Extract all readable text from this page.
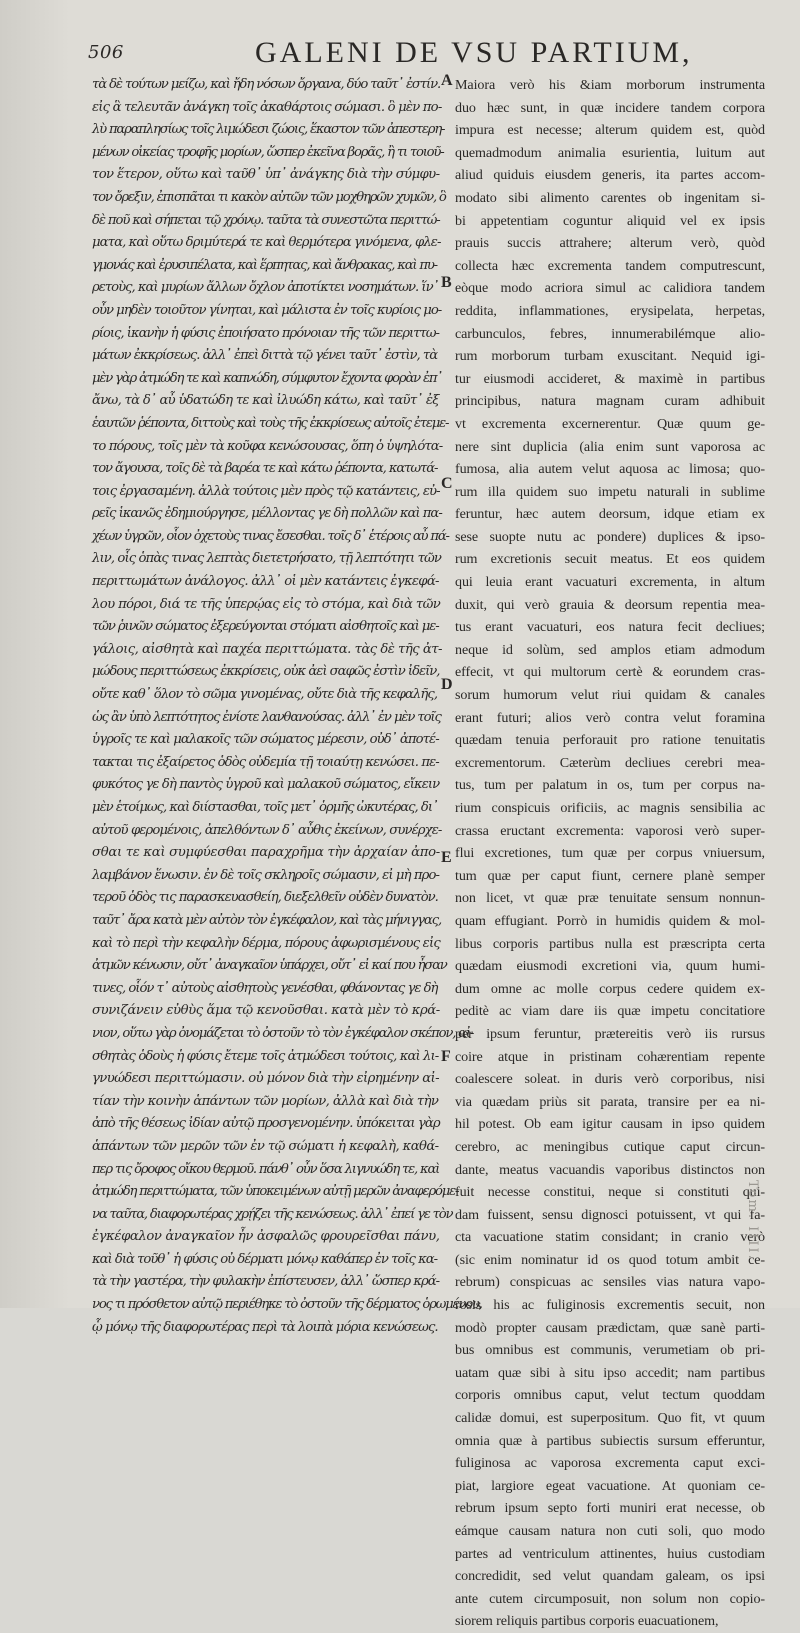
506	GALENI DE VSU PARTIUM,
τὰ δὲ τούτων μείζω, καὶ ἤδη νόσων ὄργανα, δύο ταῦτ᾽ ἐστίν.
εἰς ἃ τελευτᾶν ἀνάγκη τοῖς ἀκαθάρτοις σώμασι. ὃ μὲν πο-
λὺ παραπλησίως τοῖς λιμώδεσι ζώοις, ἕκαστον τῶν ἀπεστερη-
μένων οἰκείας τροφῆς μορίων, ὥσπερ ἐκεῖνα βορᾶς, ἢ τι τοιοῦ-
τον ἕτερον, οὕτω καὶ ταῦθ᾽ ὑπ᾽ ἀνάγκης διὰ τὴν σύμφυ-
τον ὄρεξιν, ἐπισπᾶται τι κακὸν αὐτῶν τῶν μοχθηρῶν χυμῶν, ὃ
δὲ ποῦ καὶ σήπεται τῷ χρόνῳ. ταῦτα τὰ συνεστῶτα περιττώ-
ματα, καὶ οὕτω δριμύτερά τε καὶ θερμότερα γινόμενα, φλε-
γμονάς καὶ ἐρυσιπέλατα, καὶ ἕρπητας, καὶ ἄνθρακας, καὶ πυ-
ρετοὺς, καὶ μυρίων ἄλλων ὄχλον ἀποτίκτει νοσημάτων. ἵν᾽
οὖν μηδὲν τοιοῦτον γίνηται, καὶ μάλιστα ἐν τοῖς κυρίοις μο-
ρίοις, ἱκανὴν ἡ φύσις ἐποιήσατο πρόνοιαν τῆς τῶν περιττω-
μάτων ἐκκρίσεως. ἀλλ᾽ ἐπεὶ διττὰ τῷ γένει ταῦτ᾽ ἐστὶν, τὰ
μὲν γὰρ ἀτμώδη τε καὶ καπνώδη, σύμφυτον ἔχοντα φορὰν ἐπ᾽
ἄνω, τὰ δ᾽ αὖ ὑδατώδη τε καὶ ἰλυώδη κάτω, καὶ ταῦτ᾽ ἐξ
ἑαυτῶν ῥέποντα, διττοὺς καὶ τοὺς τῆς ἐκκρίσεως αὐτοῖς ἐτεμε-
το πόρους, τοῖς μὲν τὰ κοῦφα κενώσουσας, ὅπη ὁ ὑψηλότα-
τον ἄγουσα, τοῖς δὲ τὰ βαρέα τε καὶ κάτω ῥέποντα, κατωτά-
τοις ἐργασαμένη. ἀλλὰ τούτοις μὲν πρὸς τῷ κατάντεις, εὐ-
ρεῖς ἱκανῶς ἐδημιούργησε, μέλλοντας γε δὴ πολλῶν καὶ πα-
χέων ὑγρῶν, οἷον ὀχετοὺς τινας ἔσεσθαι. τοῖς δ᾽ ἑτέροις αὖ πά-
λιν, οἷς ὁπὰς τινας λεπτὰς διετετρήσατο, τῇ λεπτότητι τῶν
περιττωμάτων ἀνάλογος. ἀλλ᾽ οἱ μὲν κατάντεις ἐγκεφά-
λου πόροι, διά τε τῆς ὑπερῴας εἰς τὸ στόμα, καὶ διὰ τῶν
τῶν ῥινῶν σώματος ἐξερεύγονται στόματι αἰσθητοῖς καὶ με-
γάλοις, αἰσθητὰ καὶ παχέα περιττώματα. τὰς δὲ τῆς ἀτ-
μώδους περιττώσεως ἐκκρίσεις, οὐκ ἀεὶ σαφῶς ἐστὶν ἰδεῖν,
οὔτε καθ᾽ ὅλον τὸ σῶμα γινομένας, οὔτε διὰ τῆς κεφαλῆς,
ὡς ἂν ὑπὸ λεπτότητος ἐνίοτε λανθανούσας. ἀλλ᾽ ἐν μὲν τοῖς
ὑγροῖς τε καὶ μαλακοῖς τῶν σώματος μέρεσιν, οὐδ᾽ ἀποτέ-
τακται τις ἐξαίρετος ὁδὸς οὐδεμία τῇ τοιαύτῃ κενώσει. πε-
φυκότος γε δὴ παντὸς ὑγροῦ καὶ μαλακοῦ σώματος, εἴκειν
μὲν ἑτοίμως, καὶ διίστασθαι, τοῖς μετ᾽ ὁρμῆς ὠκυτέρας, δι᾽
αὐτοῦ φερομένοις, ἀπελθόντων δ᾽ αὖθις ἐκείνων, συνέρχε-
σθαι τε καὶ συμφύεσθαι παραχρῆμα τὴν ἀρχαίαν ἀπο-
λαμβάνον ἕνωσιν. ἐν δὲ τοῖς σκληροῖς σώμασιν, εἰ μὴ προ-
τεροῦ ὁδὸς τις παρασκευασθείη, διεξελθεῖν οὐδὲν δυνατὸν.
ταῦτ᾽ ἄρα κατὰ μὲν αὐτὸν τὸν ἐγκέφαλον, καὶ τὰς μήνιγγας,
καὶ τὸ περὶ τὴν κεφαλὴν δέρμα, πόρους ἀφωρισμένους εἰς
ἀτμῶν κένωσιν, οὔτ᾽ ἀναγκαῖον ὑπάρχει, οὔτ᾽ εἰ καί που ἦσαν
τινες, οἷόν τ᾽ αὐτοὺς αἰσθητοὺς γενέσθαι, φθάνοντας γε δὴ
συνιζάνειν εὐθὺς ἅμα τῷ κενοῦσθαι. κατὰ μὲν τὸ κρά-
νιον, οὕτω γὰρ ὀνομάζεται τὸ ὀστοῦν τὸ τὸν ἐγκέφαλον σκέπον, αἰ-
σθητὰς ὁδοὺς ἡ φύσις ἔτεμε τοῖς ἀτμώδεσι τούτοις, καὶ λι-
γνυώδεσι περιττώμασιν. οὐ μόνον διὰ τὴν εἰρημένην αἰ-
τίαν τὴν κοινὴν ἁπάντων τῶν μορίων, ἀλλὰ καὶ διὰ τὴν
ἀπὸ τῆς θέσεως ἰδίαν αὐτῷ προσγενομένην. ὑπόκειται γὰρ
ἁπάντων τῶν μερῶν τῶν ἐν τῷ σώματι ἡ κεφαλὴ, καθά-
περ τις ὄροφος οἴκου θερμοῦ. πάνθ᾽ οὖν ὅσα λιγνυώδη τε, καὶ
ἀτμώδη περιττώματα, τῶν ὑποκειμένων αὐτῇ μερῶν ἀναφερόμε-
να ταῦτα, διαφορωτέρας χρῄζει τῆς κενώσεως. ἀλλ᾽ ἐπεί γε τὸν
ἐγκέφαλον ἀναγκαῖον ἦν ἀσφαλῶς φρουρεῖσθαι πάνυ,
καὶ διὰ τοῦθ᾽ ἡ φύσις οὐ δέρματι μόνῳ καθάπερ ἐν τοῖς κα-
τὰ τὴν γαστέρα, τὴν φυλακὴν ἐπίστευσεν, ἀλλ᾽ ὥσπερ κρά-
νος τι πρόσθετον αὐτῷ περιέθηκε τὸ ὀστοῦν τῆς δέρματος ὁρωμένου,
ᾧ μόνῳ τῆς διαφορωτέρας περὶ τὰ λοιπὰ μόρια κενώσεως.
Maiora verò his &iam morborum instrumenta
duo hæc sunt, in quæ incidere tandem corpora
impura est necesse; alterum quidem est, quòd
quemadmodum animalia esurientia, luitum aut
aliud quiduis eiusdem generis, ita partes accom-
modato sibi alimento carentes ob ingenitam si-
bi appetentiam coguntur aliquid vel ex ipsis
prauis succis attrahere; alterum verò, quòd
collecta hæc excrementa tandem computrescunt,
eòque modo acriora simul ac calidiora tandem
reddita, inflammationes, erysipelata, herpetas,
carbunculos, febres, innumerabilémque alio-
rum morborum turbam exuscitant. Nequid igi-
tur eiusmodi accideret, & maximè in partibus
principibus, natura magnam curam adhibuit
vt excrementa excernerentur. Quæ quum ge-
nere sint duplicia (alia enim sunt vaporosa ac
fumosa, alia autem velut aquosa ac limosa; quo-
rum illa quidem suo impetu naturali in sublime
feruntur, hæc autem deorsum, idque etiam ex
sese suopte nutu ac pondere) duplices & ipso-
rum excretionis secuit meatus. Et eos quidem
qui leuia erant vacuaturi excrementa, in altum
duxit, qui verò grauia & deorsum repentia mea-
tus erant vacuaturi, eos natura fecit decliues;
neque id solùm, sed amplos etiam admodum
effecit, vt qui multorum certè & eorundem cras-
sorum humorum velut riui quidam & canales
erant futuri; alios verò contra velut foramina
quædam tenuia perforauit pro ratione tenuitatis
excrementorum. Cæterùm decliues cerebri mea-
tus, tum per palatum in os, tum per corpus na-
rium conspicuis orificiis, ac magnis sensibilia ac
crassa eructant excrementa: vaporosi verò super-
flui excretiones, tum quæ per corpus vniuersum,
tum quæ per caput fiunt, cernere planè semper
non licet, vt quæ præ tenuitate sensum nonnun-
quam effugiant. Porrò in humidis quidem & mol-
libus corporis partibus nulla est præscripta certa
quædam eiusmodi excretioni via, quum humi-
dum omne ac molle corpus cedere quidem ex-
peditè ac viam dare iis quæ impetu concitatiore
per ipsum feruntur, prætereitis verò iis rursus
coire atque in pristinam cohærentiam repente
coalescere soleat. in duris verò corporibus, nisi
via quædam priùs sit parata, transire per ea ni-
hil potest. Ob eam igitur causam in ipso quidem
cerebro, ac meningibus cutique caput circun-
dante, meatus vacuandis vaporibus distinctos non
fuit necesse constitui, neque si constituti qui-
dam fuissent, sensu dignosci potuissent, vt qui fa-
cta vacuatione statim considant; in cranio verò
(sic enim nominatur id os quod totum ambit ce-
rebrum) conspicuas ac sensiles vias natura vapo-
rosis his ac fuliginosis excrementis secuit, non
modò propter causam prædictam, quæ sanè parti-
bus omnibus est communis, verumetiam ob pri-
uatam quæ sibi à situ ipso accedit; nam partibus
corporis omnibus caput, velut tectum quoddam
calidæ domui, est superpositum. Quo fit, vt quum
omnia quæ à partibus subiectis sursum efferuntur,
fuliginosa ac vaporosa excrementa caput exci-
piat, largiore egeat vacuatione. At quoniam ce-
rebrum ipsum septo forti muniri erat necesse, ob
eámque causam natura non cuti soli, quo modo
partes ad ventriculum attinentes, huius custodiam
concredidit, sed velut quandam galeam, os ipsi
ante cutem circumposuit, non solum non copio-
siorem reliquis partibus corporis euacuationem,
A
B
C
D
E
F
Tom. IIII.
